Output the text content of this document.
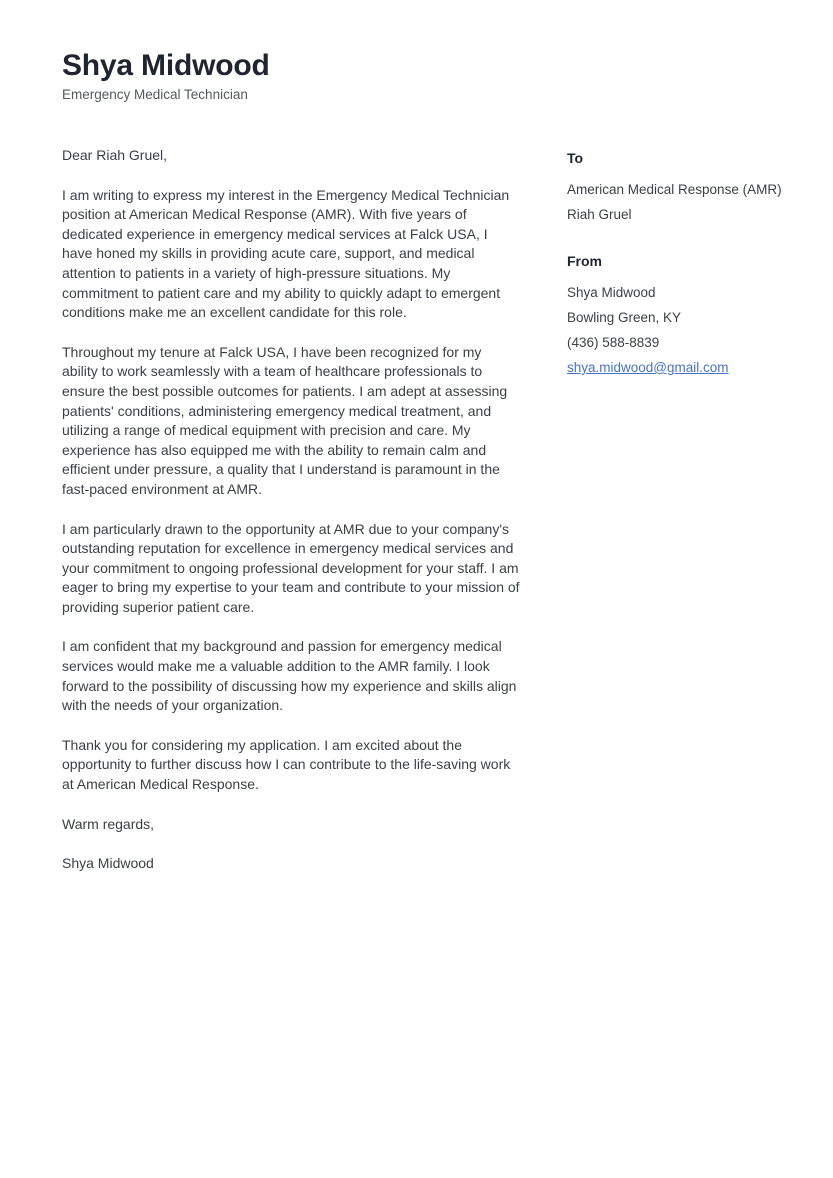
Shya Midwood

Emergency Medical Technician

Dear Riah Gruel,

I am writing to express my interest in the Emergency Medical Technician position at American Medical Response (AMR). With five years of dedicated experience in emergency medical services at Falck USA, I have honed my skills in providing acute care, support, and medical attention to patients in a variety of high-pressure situations. My commitment to patient care and my ability to quickly adapt to emergent conditions make me an excellent candidate for this role.

Throughout my tenure at Falck USA, I have been recognized for my ability to work seamlessly with a team of healthcare professionals to ensure the best possible outcomes for patients. I am adept at assessing patients' conditions, administering emergency medical treatment, and utilizing a range of medical equipment with precision and care. My experience has also equipped me with the ability to remain calm and efficient under pressure, a quality that I understand is paramount in the fast-paced environment at AMR.

I am particularly drawn to the opportunity at AMR due to your company's outstanding reputation for excellence in emergency medical services and your commitment to ongoing professional development for your staff. I am eager to bring my expertise to your team and contribute to your mission of providing superior patient care.

I am confident that my background and passion for emergency medical services would make me a valuable addition to the AMR family. I look forward to the possibility of discussing how my experience and skills align with the needs of your organization.

Thank you for considering my application. I am excited about the opportunity to further discuss how I can contribute to the life-saving work at American Medical Response.

Warm regards,

Shya Midwood

To
American Medical Response (AMR)
Riah Gruel
From
Shya Midwood
Bowling Green, KY
(436) 588-8839
shya.midwood@gmail.com
